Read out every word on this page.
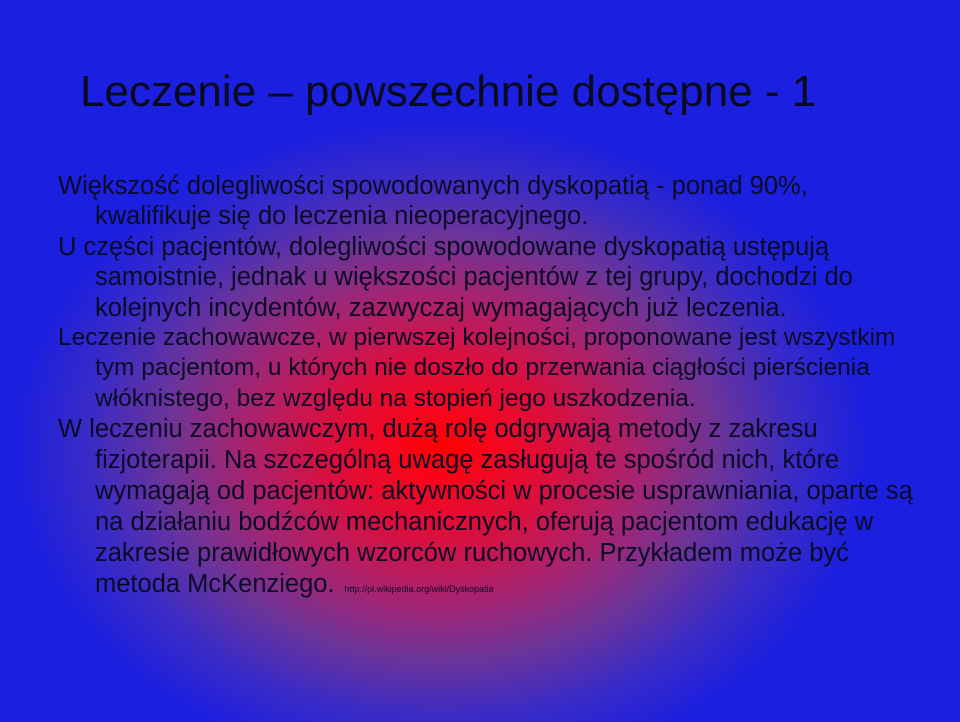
Leczenie – powszechnie dostępne - 1

Większość dolegliwości spowodowanych dyskopatią - ponad 90%, kwalifikuje się do leczenia nieoperacyjnego.

U części pacjentów, dolegliwości spowodowane dyskopatią ustępują samoistnie, jednak u większości pacjentów z tej grupy, dochodzi do kolejnych incydentów, zazwyczaj wymagających już leczenia.

Leczenie zachowawcze, w pierwszej kolejności, proponowane jest wszystkim tym pacjentom, u których nie doszło do przerwania ciągłości pierścienia włóknistego, bez względu na stopień jego uszkodzenia.

W leczeniu zachowawczym, dużą rolę odgrywają metody z zakresu fizjoterapii. Na szczególną uwagę zasługują te spośród nich, które wymagają od pacjentów: aktywności w procesie usprawniania, oparte są na działaniu bodźców mechanicznych, oferują pacjentom edukację w zakresie prawidłowych wzorców ruchowych. Przykładem może być metoda McKenziego. http://pl.wikipedia.org/wiki/Dyskopatia
